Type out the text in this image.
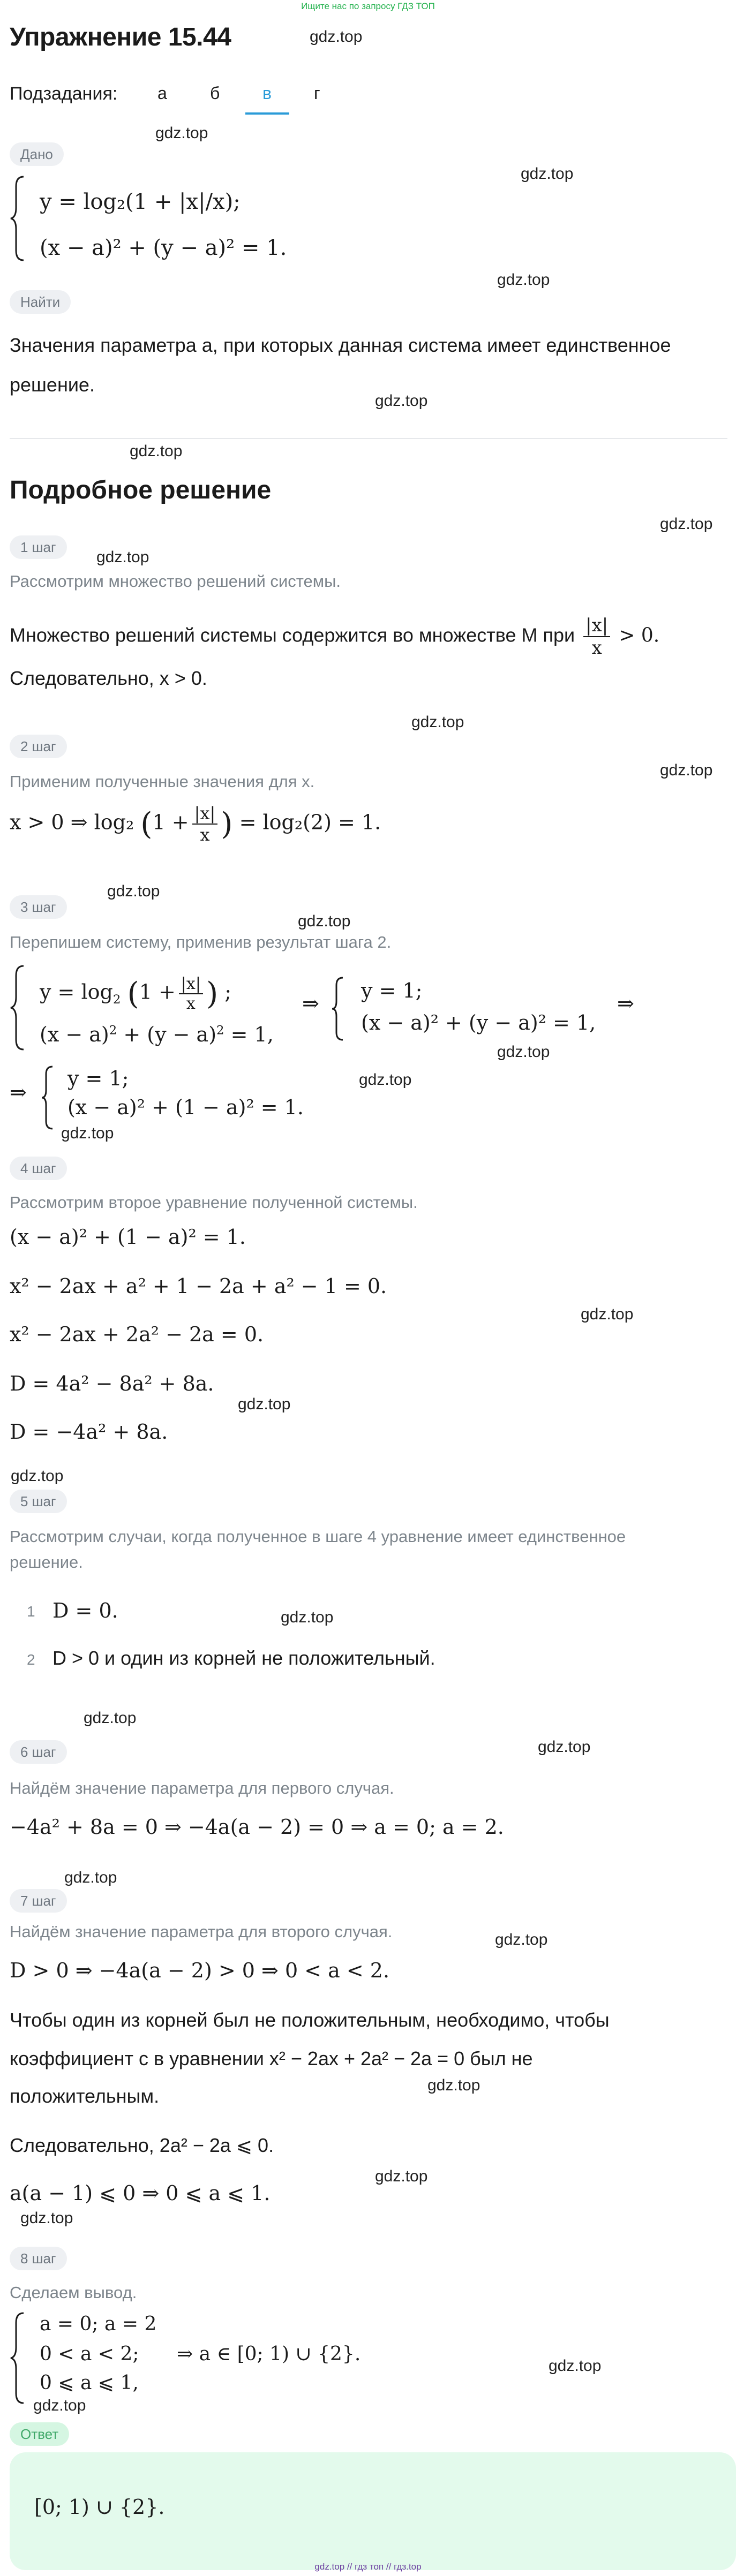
Ищите нас по запросу ГДЗ ТОП
Упражнение 15.44	gdz.top
gdz.top
gdz.top
gdz.top
gdz.top
gdz.top
gdz.top
gdz.top
gdz.top
gdz.top
gdz.top
gdz.top
gdz.top
gdz.top
gdz.top
gdz.top
gdz.top
gdz.top
gdz.top
gdz.top
gdz.top
gdz.top
gdz.top
gdz.top
gdz.top
gdz.top
gdz.top
gdz.top
Подзадания: а	б в г
Дано
y = log₂(1 + |x|/x);
(x − a)² + (y − a)² = 1.
Найти
Значения параметра a, при которых данная система имеет единственное
решение.
Подробное решение
1 шаг
Рассмотрим множество решений системы.
Множество решений системы содержится во множестве M при $\frac{|x|}{x} > 0$.
Следовательно, x > 0.
2 шаг
Применим полученные значения для x.
x > 0 ⇒ log₂ ($1 + \frac{|x|}{x}$ ) = log₂(2) = 1.
3 шаг
Перепишем систему, применив результат шага 2.
$y = \log_2 (1 + \frac{|x|}{x}$ ) ;
$(x - a)^2 + (y - a)^2 = 1$,
⇒
y = 1;
(x − a)² + (y − a)² = 1,
⇒
⇒
y = 1;
(x − a)² + (1 − a)² = 1.
4 шаг
Рассмотрим второе уравнение полученной системы.
(x − a)² + (1 − a)² = 1.
x² − 2ax + a² + 1 − 2a + a² − 1 = 0.
x² − 2ax + 2a² − 2a = 0.
D = 4a² − 8a² + 8a.
D = −4a² + 8a.
5 шаг
Рассмотрим случаи, когда полученное в шаге 4 уравнение имеет единственное
решение.
1 D = 0.
2 D > 0 и один из корней не положительный.
6 шаг
Найдём значение параметра для первого случая.
−4a² + 8a = 0 ⇒ −4a(a − 2) = 0 ⇒ a = 0; a = 2.
7 шаг
Найдём значение параметра для второго случая.
D > 0 ⇒ −4a(a − 2) > 0 ⇒ 0 < a < 2.
Чтобы один из корней был не положительным, необходимо, чтобы
коэффициент c в уравнении x² − 2ax + 2a² − 2a = 0 был не
положительным.
Следовательно, 2a² − 2a ⩽ 0.
a(a − 1) ⩽ 0 ⇒ 0 ⩽ a ⩽ 1.
8 шаг
Сделаем вывод.
a = 0; a = 2
0 < a < 2;
0 ⩽ a ⩽ 1,
⇒ a ∈ [0; 1) ∪ {2}.
Ответ
[0; 1) ∪ {2}.
gdz.top // гдз топ // гдз.top
